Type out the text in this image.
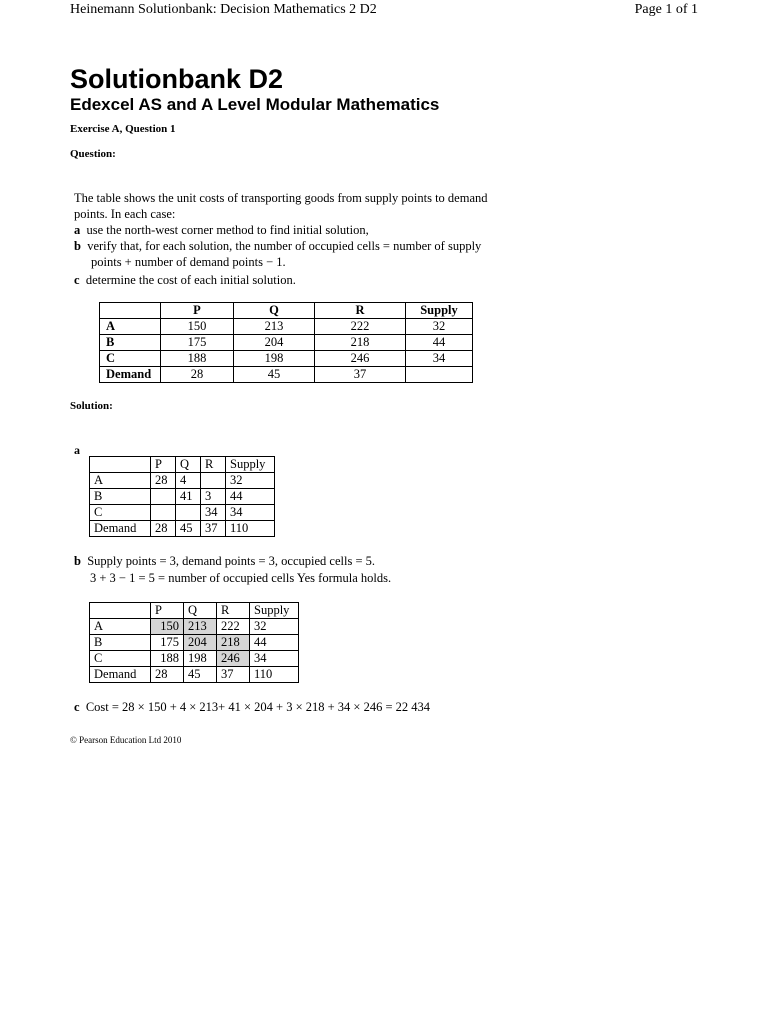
Heinemann Solutionbank: Decision Mathematics 2 D2	Page 1 of 1
Solutionbank D2
Edexcel AS and A Level Modular Mathematics
Exercise A, Question 1
Question:
The table shows the unit costs of transporting goods from supply points to demand
points. In each case:
a use the north-west corner method to find initial solution,
b verify that, for each solution, the number of occupied cells = number of supply
points + number of demand points − 1.
c determine the cost of each initial solution.
	P	Q	R	Supply
A	150	213	222	32
B	175	204	218	44
C	188	198	246	34
Demand	28	45	37	
Solution:
a
	P	Q	R	Supply
A	28	4		32
B		41	3	44
C			34	34
Demand	28	45	37	110
b Supply points = 3, demand points = 3, occupied cells = 5.
3 + 3 − 1 = 5 = number of occupied cells Yes formula holds.
	P	Q	R	Supply
A	150	213	222	32
B	175	204	218	44
C	188	198	246	34
Demand	28	45	37	110
c Cost = 28 × 150 + 4 × 213+ 41 × 204 + 3 × 218 + 34 × 246 = 22 434
© Pearson Education Ltd 2010
